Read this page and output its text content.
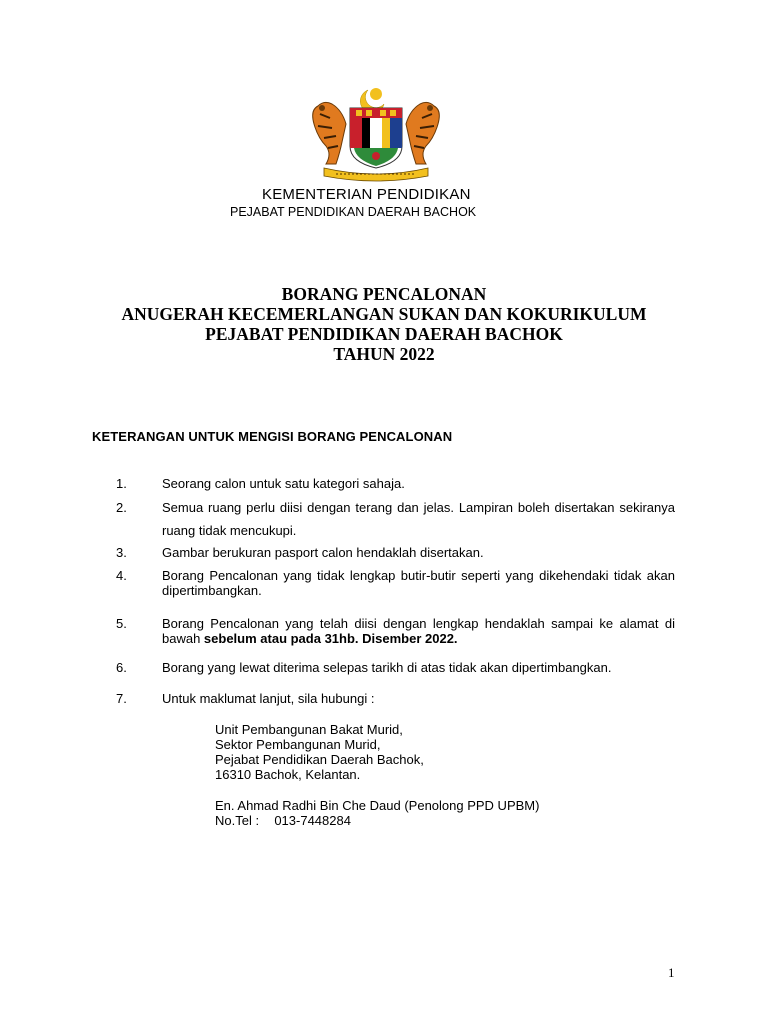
KEMENTERIAN PENDIDIKAN
PEJABAT PENDIDIKAN DAERAH BACHOK
BORANG PENCALONAN
ANUGERAH KECEMERLANGAN SUKAN DAN KOKURIKULUM
PEJABAT PENDIDIKAN DAERAH BACHOK
TAHUN 2022
KETERANGAN UNTUK MENGISI BORANG PENCALONAN
1.	Seorang calon untuk satu kategori sahaja.
2.	Semua ruang perlu diisi dengan terang dan jelas. Lampiran boleh disertakan sekiranya ruang tidak mencukupi.
3.	Gambar berukuran pasport calon hendaklah disertakan.
4.	Borang Pencalonan yang tidak lengkap butir-butir seperti yang dikehendaki tidak akan dipertimbangkan.
5.	Borang Pencalonan yang telah diisi dengan lengkap hendaklah sampai ke alamat di bawah sebelum atau pada 31hb. Disember 2022.
6.	Borang yang lewat diterima selepas tarikh di atas tidak akan dipertimbangkan.
7.	Untuk maklumat lanjut, sila hubungi :
Unit Pembangunan Bakat Murid,
Sektor Pembangunan Murid,
Pejabat Pendidikan Daerah Bachok,
16310 Bachok, Kelantan.
En. Ahmad Radhi Bin Che Daud (Penolong PPD UPBM)
No.Tel : 013-7448284
1
